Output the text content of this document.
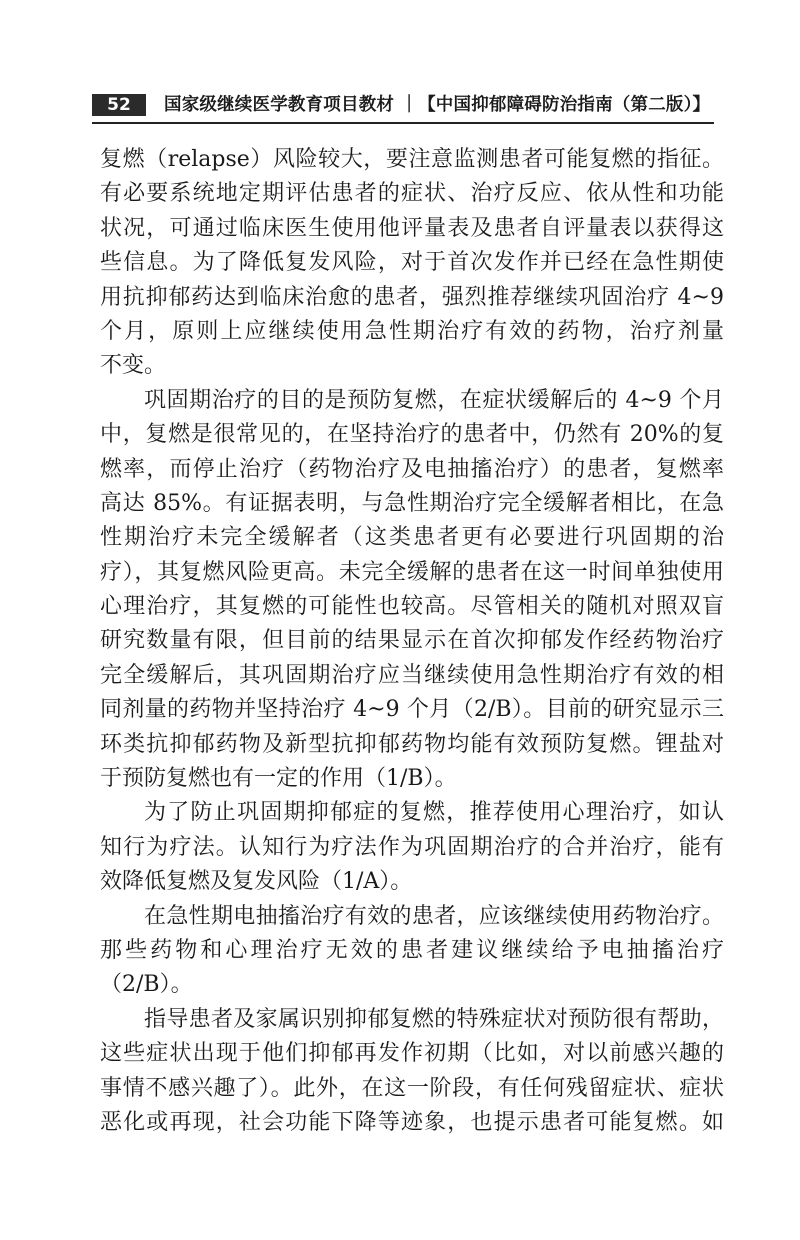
52	国家级继续医学教育项目教材 ｜【中国抑郁障碍防治指南（第二版）】
复燃（relapse）风险较大，要注意监测患者可能复燃的指征。
有必要系统地定期评估患者的症状、治疗反应、依从性和功能
状况，可通过临床医生使用他评量表及患者自评量表以获得这
些信息。为了降低复发风险，对于首次发作并已经在急性期使
用抗抑郁药达到临床治愈的患者，强烈推荐继续巩固治疗 4~9
个月，原则上应继续使用急性期治疗有效的药物，治疗剂量
不变。
巩固期治疗的目的是预防复燃，在症状缓解后的 4~9 个月
中，复燃是很常见的，在坚持治疗的患者中，仍然有 20%的复
燃率，而停止治疗（药物治疗及电抽搐治疗）的患者，复燃率
高达 85%。有证据表明，与急性期治疗完全缓解者相比，在急
性期治疗未完全缓解者（这类患者更有必要进行巩固期的治
疗），其复燃风险更高。未完全缓解的患者在这一时间单独使用
心理治疗，其复燃的可能性也较高。尽管相关的随机对照双盲
研究数量有限，但目前的结果显示在首次抑郁发作经药物治疗
完全缓解后，其巩固期治疗应当继续使用急性期治疗有效的相
同剂量的药物并坚持治疗 4~9 个月（2/B）。目前的研究显示三
环类抗抑郁药物及新型抗抑郁药物均能有效预防复燃。锂盐对
于预防复燃也有一定的作用（1/B）。
为了防止巩固期抑郁症的复燃，推荐使用心理治疗，如认
知行为疗法。认知行为疗法作为巩固期治疗的合并治疗，能有
效降低复燃及复发风险（1/A）。
在急性期电抽搐治疗有效的患者，应该继续使用药物治疗。
那些药物和心理治疗无效的患者建议继续给予电抽搐治疗
（2/B）。
指导患者及家属识别抑郁复燃的特殊症状对预防很有帮助，
这些症状出现于他们抑郁再发作初期（比如，对以前感兴趣的
事情不感兴趣了）。此外，在这一阶段，有任何残留症状、症状
恶化或再现，社会功能下降等迹象，也提示患者可能复燃。如
